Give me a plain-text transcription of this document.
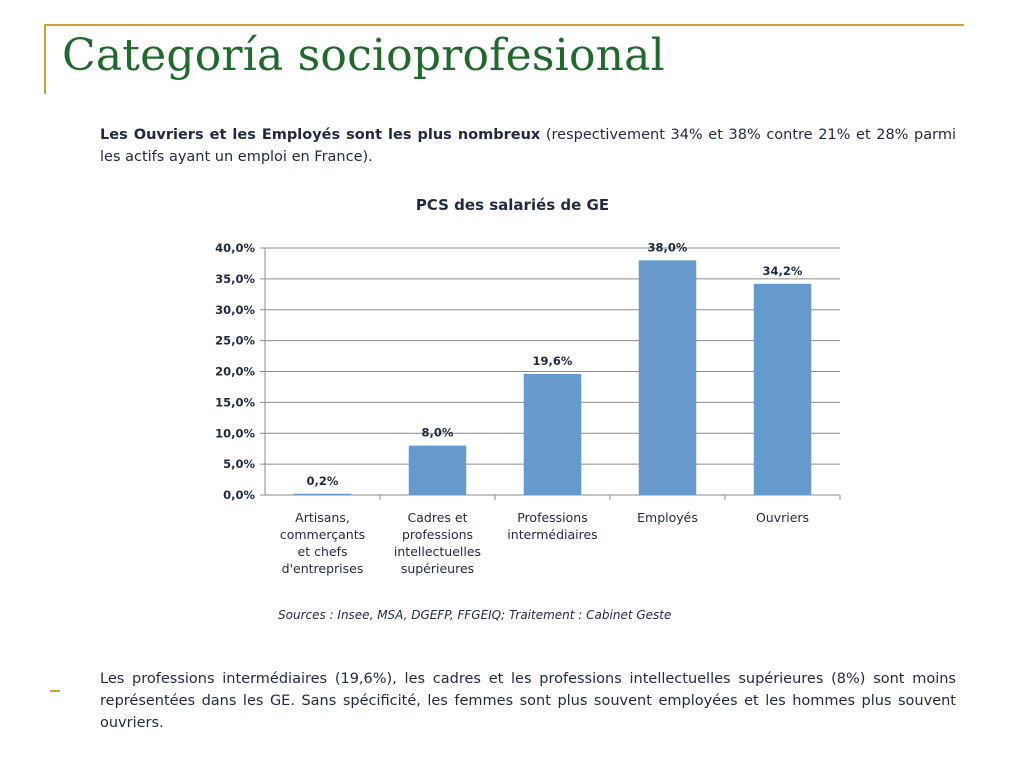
Categoría socioprofesional
Les Ouvriers et les Employés sont les plus nombreux (respectivement 34% et 38% contre 21% et 28% parmi les actifs ayant un emploi en France).
PCS des salariés de GE
0,0%
5,0%
10,0%
15,0%
20,0%
25,0%
30,0%
35,0%
40,0%
0,2%
Artisans,
commerçants
et chefs
d'entreprises
8,0%
Cadres et
professions
intellectuelles
supérieures
19,6%
Professions
intermédiaires
38,0%
Employés
34,2%
Ouvriers
Sources : Insee, MSA, DGEFP, FFGEIQ; Traitement : Cabinet Geste
Les professions intermédiaires (19,6%), les cadres et les professions intellectuelles supérieures (8%) sont moins représentées dans les GE. Sans spécificité, les femmes sont plus souvent employées et les hommes plus souvent ouvriers.
